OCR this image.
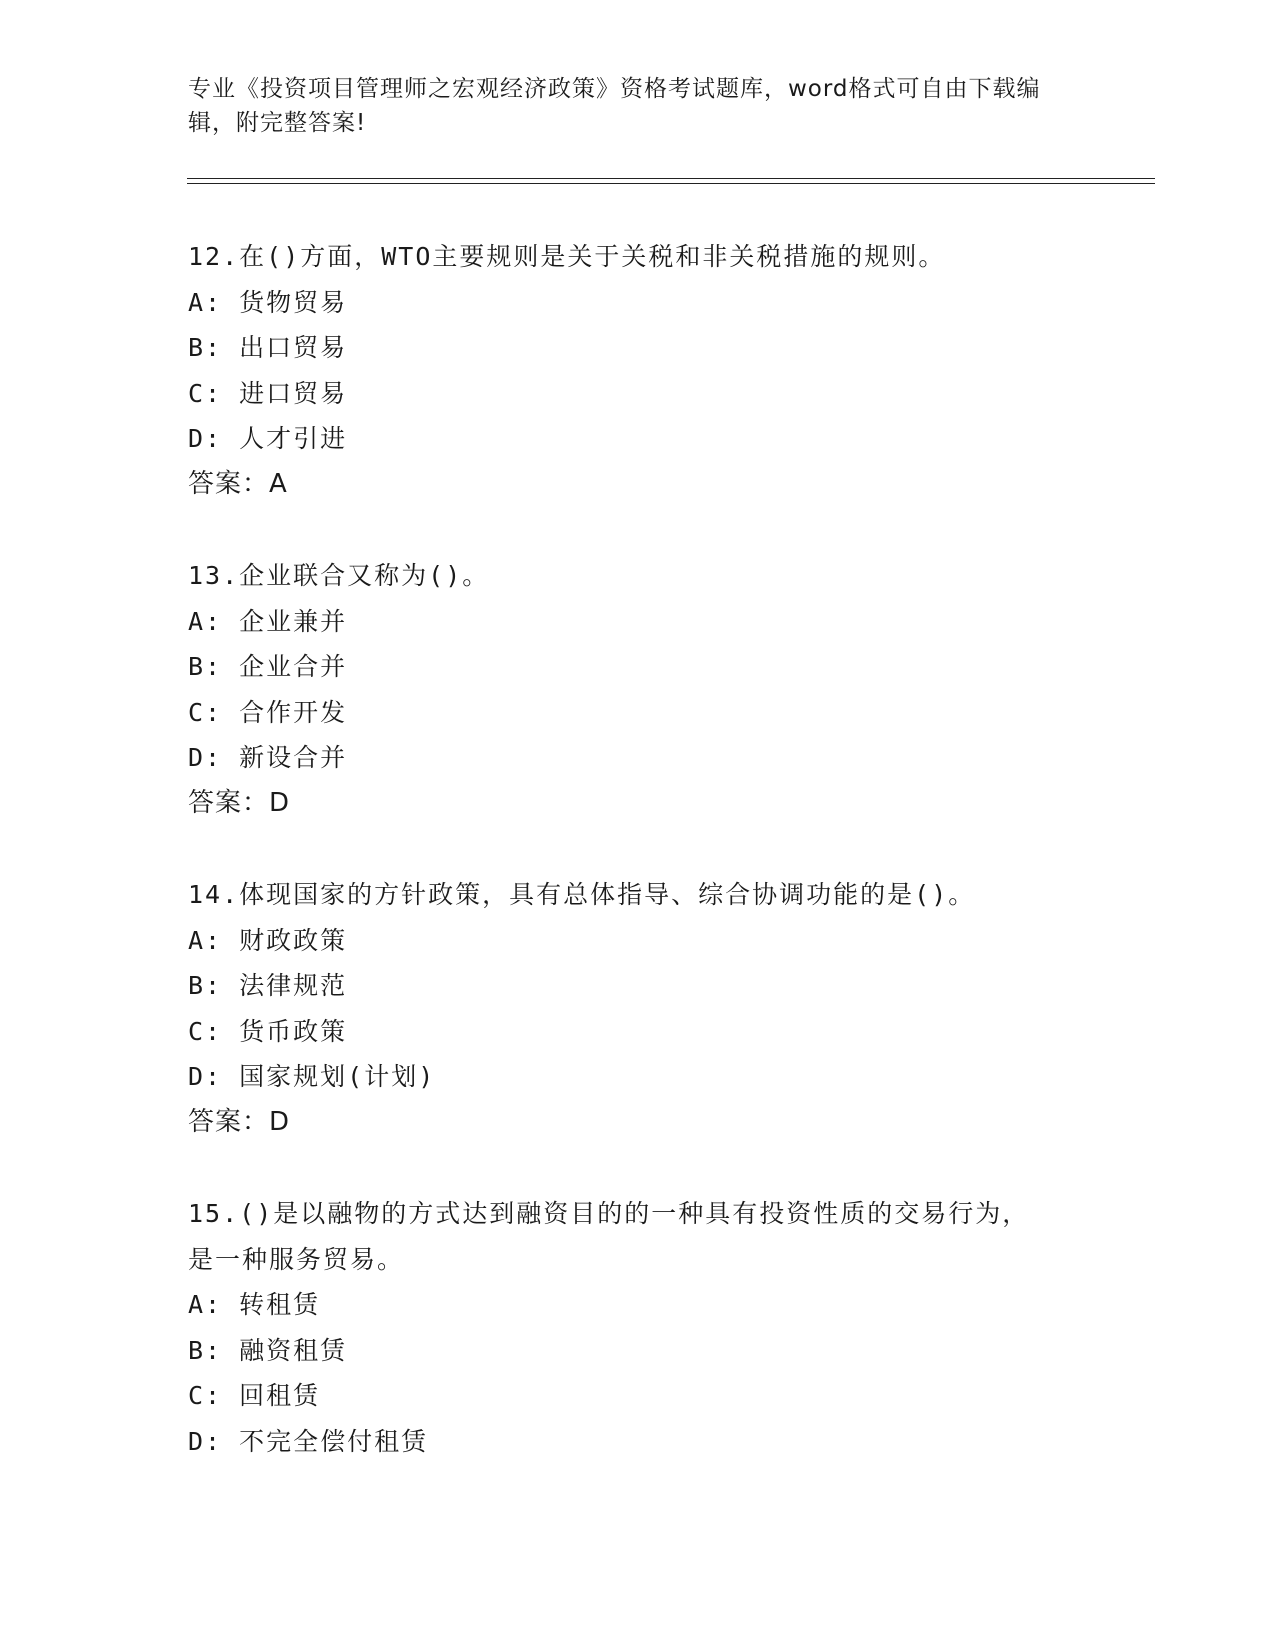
专业《投资项目管理师之宏观经济政策》资格考试题库，word格式可自由下载编
辑，附完整答案!
12.在()方面，WTO主要规则是关于关税和非关税措施的规则。
A: 货物贸易
B: 出口贸易
C: 进口贸易
D: 人才引进
答案：A
13.企业联合又称为()。
A: 企业兼并
B: 企业合并
C: 合作开发
D: 新设合并
答案：D
14.体现国家的方针政策，具有总体指导、综合协调功能的是()。
A: 财政政策
B: 法律规范
C: 货币政策
D: 国家规划(计划)
答案：D
15.()是以融物的方式达到融资目的的一种具有投资性质的交易行为，
是一种服务贸易。
A: 转租赁
B: 融资租赁
C: 回租赁
D: 不完全偿付租赁
